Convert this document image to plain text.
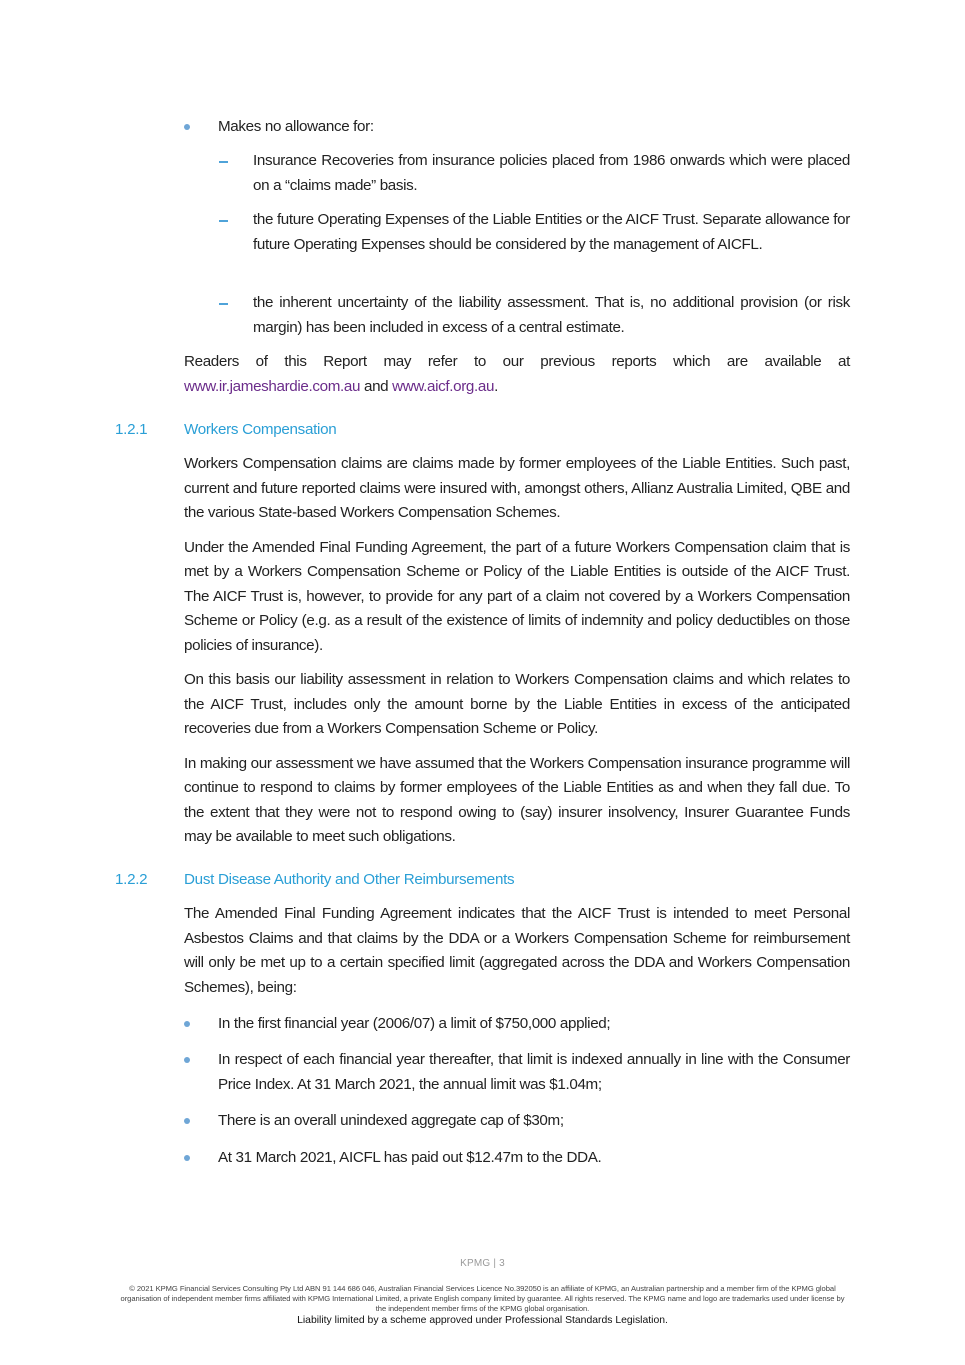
Makes no allowance for:
Insurance Recoveries from insurance policies placed from 1986 onwards which were placed on a “claims made” basis.
the future Operating Expenses of the Liable Entities or the AICF Trust. Separate allowance for future Operating Expenses should be considered by the management of AICFL.
the inherent uncertainty of the liability assessment. That is, no additional provision (or risk margin) has been included in excess of a central estimate.
Readers of this Report may refer to our previous reports which are available at www.ir.jameshardie.com.au and www.aicf.org.au.
1.2.1 Workers Compensation

Workers Compensation claims are claims made by former employees of the Liable Entities. Such past, current and future reported claims were insured with, amongst others, Allianz Australia Limited, QBE and the various State-based Workers Compensation Schemes.

Under the Amended Final Funding Agreement, the part of a future Workers Compensation claim that is met by a Workers Compensation Scheme or Policy of the Liable Entities is outside of the AICF Trust. The AICF Trust is, however, to provide for any part of a claim not covered by a Workers Compensation Scheme or Policy (e.g. as a result of the existence of limits of indemnity and policy deductibles on those policies of insurance).

On this basis our liability assessment in relation to Workers Compensation claims and which relates to the AICF Trust, includes only the amount borne by the Liable Entities in excess of the anticipated recoveries due from a Workers Compensation Scheme or Policy.

In making our assessment we have assumed that the Workers Compensation insurance programme will continue to respond to claims by former employees of the Liable Entities as and when they fall due. To the extent that they were not to respond owing to (say) insurer insolvency, Insurer Guarantee Funds may be available to meet such obligations.

1.2.2 Dust Disease Authority and Other Reimbursements

The Amended Final Funding Agreement indicates that the AICF Trust is intended to meet Personal Asbestos Claims and that claims by the DDA or a Workers Compensation Scheme for reimbursement will only be met up to a certain specified limit (aggregated across the DDA and Workers Compensation Schemes), being:

In the first financial year (2006/07) a limit of $750,000 applied;
In respect of each financial year thereafter, that limit is indexed annually in line with the Consumer Price Index. At 31 March 2021, the annual limit was $1.04m;
There is an overall unindexed aggregate cap of $30m;
At 31 March 2021, AICFL has paid out $12.47m to the DDA.
KPMG | 3
© 2021 KPMG Financial Services Consulting Pty Ltd ABN 91 144 686 046, Australian Financial Services Licence No.392050 is an affiliate of KPMG, an Australian partnership and a member firm of the KPMG global organisation of independent member firms affiliated with KPMG International Limited, a private English company limited by guarantee. All rights reserved. The KPMG name and logo are trademarks used under license by the independent member firms of the KPMG global organisation.
Liability limited by a scheme approved under Professional Standards Legislation.
